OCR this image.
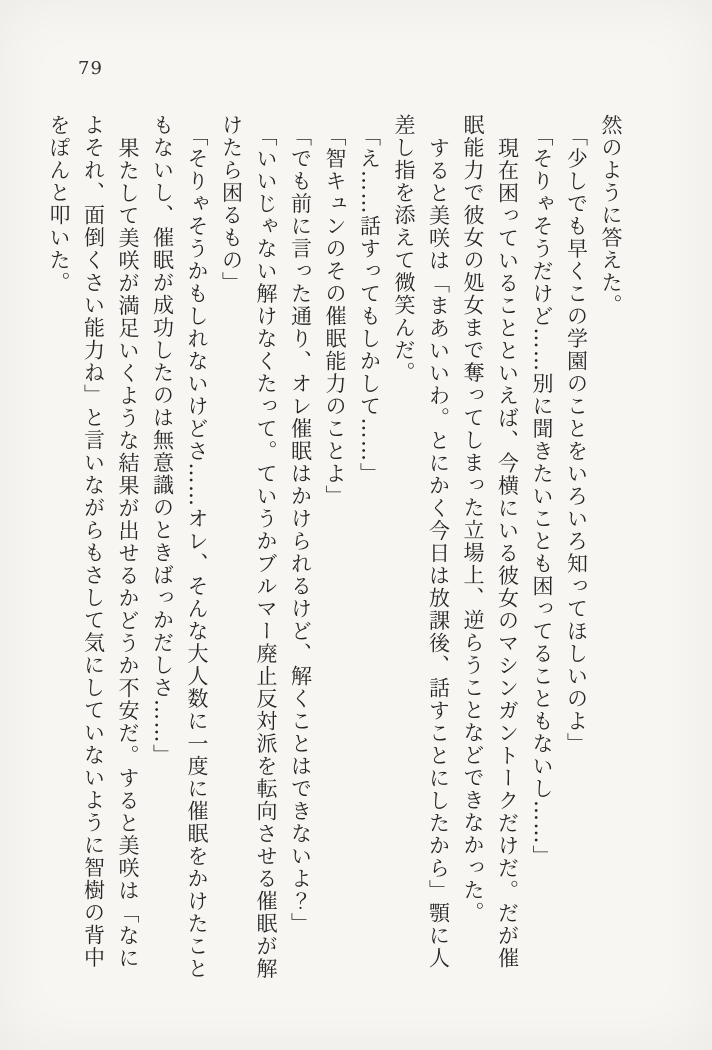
79

然のように答えた。

「少しでも早くこの学園のことをいろいろ知ってほしいのよ」

「そりゃそうだけど……別に聞きたいことも困ってることもないし……」

現在困っていることといえば、今横にいる彼女のマシンガントークだけだ。だが催

眠能力で彼女の処女まで奪ってしまった立場上、逆らうことなどできなかった。

すると美咲は「まあいいわ。とにかく今日は放課後、話すことにしたから」顎に人

差し指を添えて微笑んだ。

「え……話すってもしかして……」

「智キュンのその催眠能力のことよ」

「でも前に言った通り、オレ催眠はかけられるけど、解くことはできないよ？」

「いいじゃない解けなくたって。ていうかブルマー廃止反対派を転向させる催眠が解

けたら困るもの」

「そりゃそうかもしれないけどさ……オレ、そんな大人数に一度に催眠をかけたこと

もないし、催眠が成功したのは無意識のときばっかだしさ……」

果たして美咲が満足いくような結果が出せるかどうか不安だ。すると美咲は「なに

よそれ、面倒くさい能力ね」と言いながらもさして気にしていないように智樹の背中

をぽんと叩いた。
